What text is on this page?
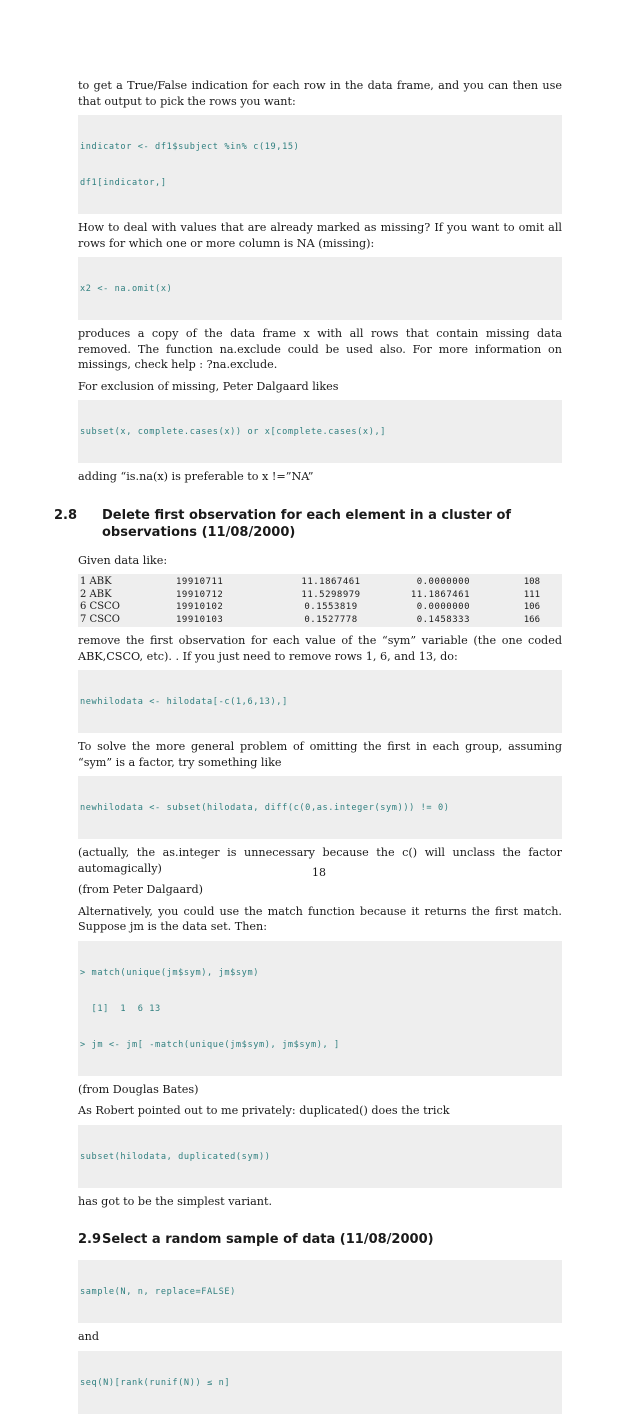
to get a True/False indication for each row in the data frame, and you can then use that output to pick the rows you want:

indicator <- df1$subject %in% c(19,15)

df1[indicator,]

How to deal with values that are already marked as missing? If you want to omit all rows for which one or more column is NA (missing):

x2 <- na.omit(x)

produces a copy of the data frame x with all rows that contain missing data removed. The function na.exclude could be used also. For more information on missings, check help : ?na.exclude.

For exclusion of missing, Peter Dalgaard likes

subset(x, complete.cases(x)) or x[complete.cases(x),]

adding “is.na(x) is preferable to x !=”NA”

2.8 Delete first observation for each element in a cluster of observations (11/08/2000)

Given data like:

1 ABK	19910711	11.1867461	0.0000000	108
2 ABK	19910712	11.5298979	11.1867461	111
6 CSCO	19910102	0.1553819	0.0000000	106
7 CSCO	19910103	0.1527778	0.1458333	166

remove the first observation for each value of the “sym” variable (the one coded ABK,CSCO, etc). . If you just need to remove rows 1, 6, and 13, do:

newhilodata <- hilodata[-c(1,6,13),]

To solve the more general problem of omitting the first in each group, assuming “sym” is a factor, try something like

newhilodata <- subset(hilodata, diff(c(0,as.integer(sym))) != 0)

(actually, the as.integer is unnecessary because the c() will unclass the factor automagically)

(from Peter Dalgaard)

Alternatively, you could use the match function because it returns the first match. Suppose jm is the data set. Then:

> match(unique(jm$sym), jm$sym)

[1]  1  6 13

> jm <- jm[ -match(unique(jm$sym), jm$sym), ]

(from Douglas Bates)

As Robert pointed out to me privately: duplicated() does the trick

subset(hilodata, duplicated(sym))

has got to be the simplest variant.

2.9Select a random sample of data (11/08/2000)

sample(N, n, replace=FALSE)

and

seq(N)[rank(runif(N)) ≤ n]

18
